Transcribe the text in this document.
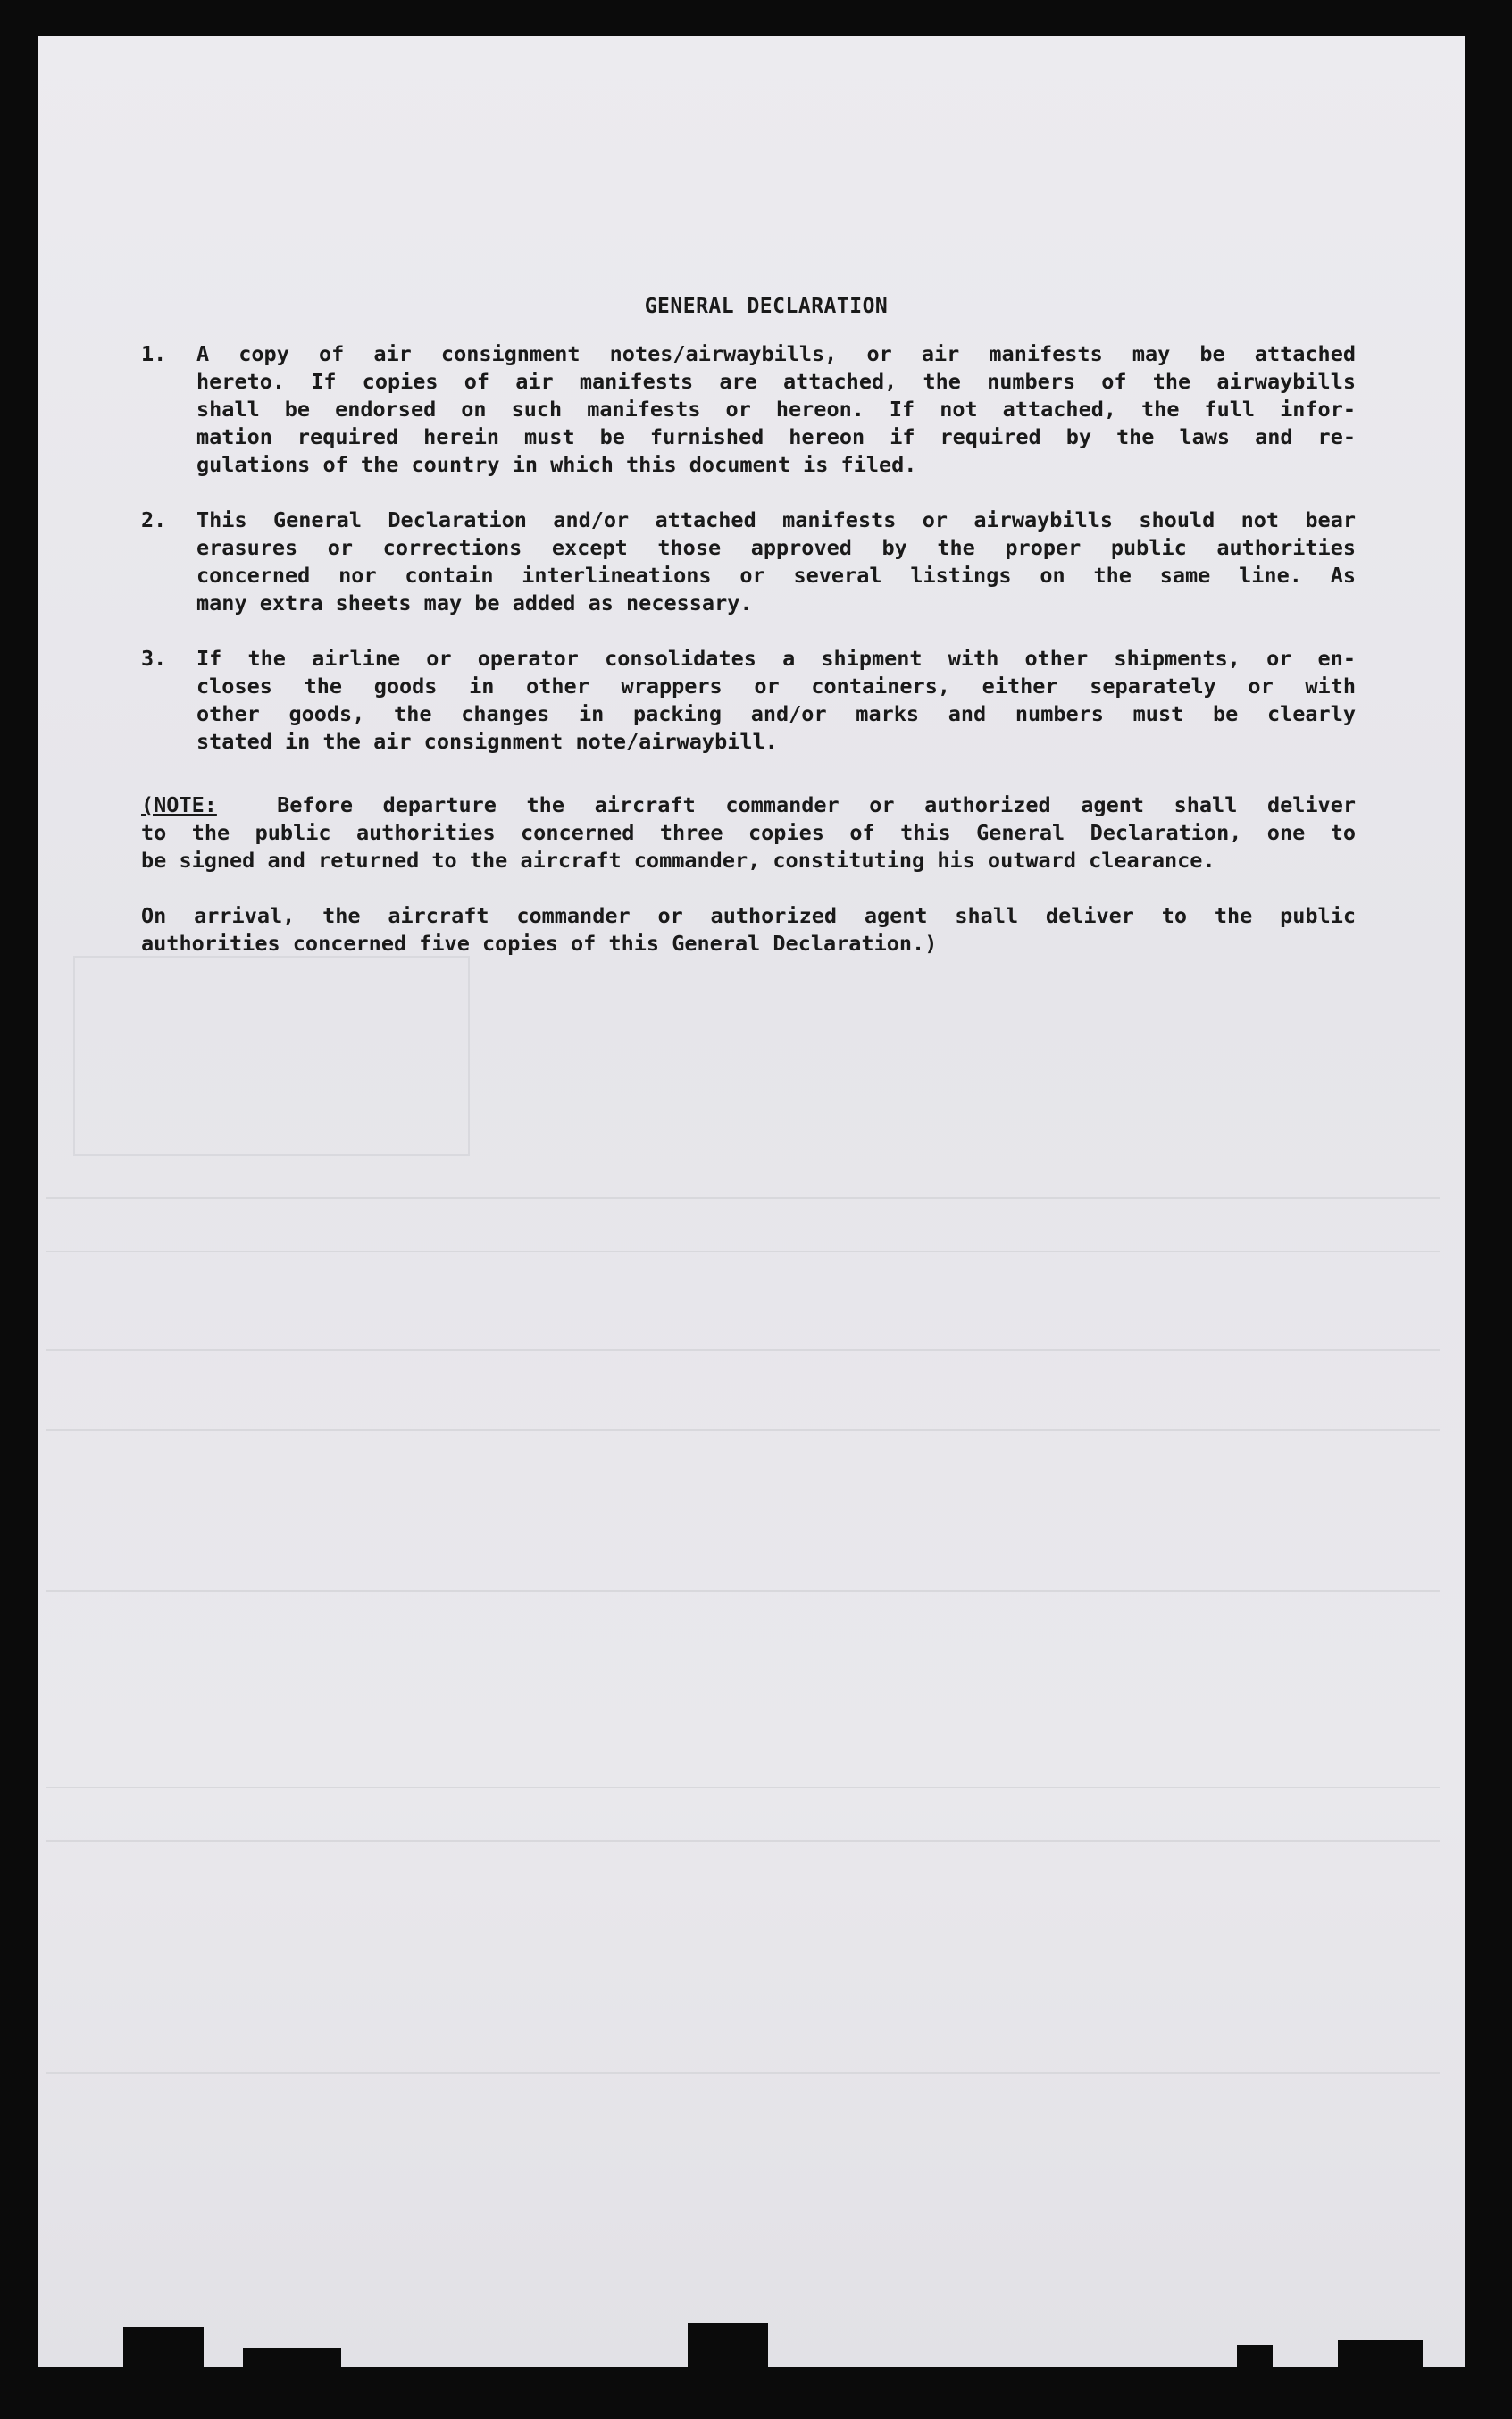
GENERAL DECLARATION
1. A copy of air consignment notes/airwaybills, or air manifests may be attached
hereto. If copies of air manifests are attached, the numbers of the airwaybills
shall be endorsed on such manifests or hereon. If not attached, the full infor-
mation required herein must be furnished hereon if required by the laws and re-
gulations of the country in which this document is filed.
2. This General Declaration and/or attached manifests or airwaybills should not bear
erasures or corrections except those approved by the proper public authorities
concerned nor contain interlineations or several listings on the same line. As
many extra sheets may be added as necessary.
3. If the airline or operator consolidates a shipment with other shipments, or en-
closes the goods in other wrappers or containers, either separately or with
other goods, the changes in packing and/or marks and numbers must be clearly
stated in the air consignment note/airwaybill.
(NOTE:	Before departure the aircraft commander or authorized agent shall deliver
to the public authorities concerned three copies of this General Declaration, one to
be signed and returned to the aircraft commander, constituting his outward clearance.
On arrival, the aircraft commander or authorized agent shall deliver to the public
authorities concerned five copies of this General Declaration.)
